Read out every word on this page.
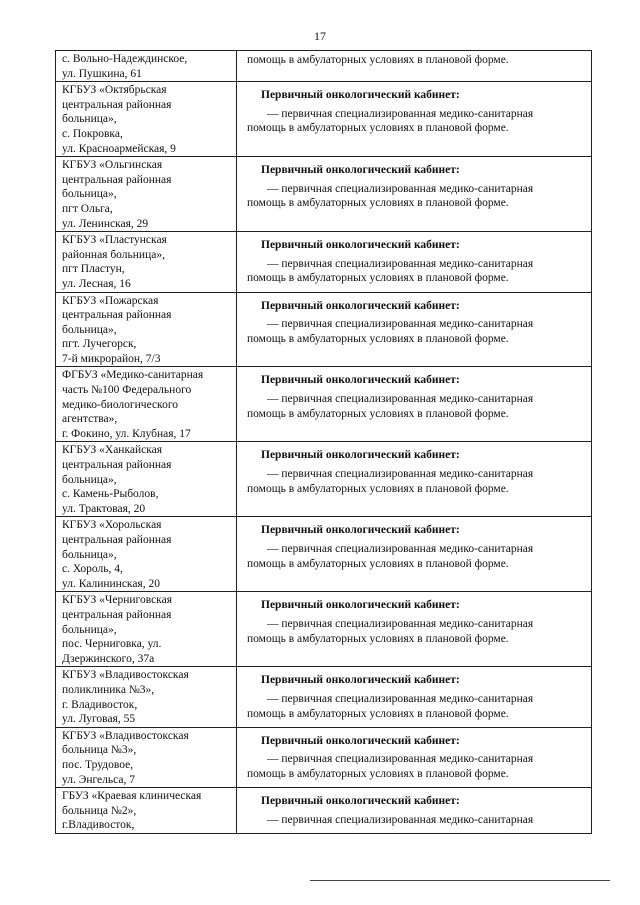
17
с. Вольно-Надеждинское,
ул. Пушкина, 61	помощь в амбулаторных условиях в плановой форме.

КГБУЗ «Октябрьская
центральная районная
больница»,
с. Покровка,
ул. Красноармейская, 9	Первичный онкологический кабинет:
— первичная специализированная медико-санитарная
помощь в амбулаторных условиях в плановой форме.

КГБУЗ «Ольгинская
центральная районная
больница»,
пгт Ольга,
ул. Ленинская, 29	Первичный онкологический кабинет:
— первичная специализированная медико-санитарная
помощь в амбулаторных условиях в плановой форме.

КГБУЗ «Пластунская
районная больница»,
пгт Пластун,
ул. Лесная, 16	Первичный онкологический кабинет:
— первичная специализированная медико-санитарная
помощь в амбулаторных условиях в плановой форме.

КГБУЗ «Пожарская
центральная районная
больница»,
пгт. Лучегорск,
7-й микрорайон, 7/3	Первичный онкологический кабинет:
— первичная специализированная медико-санитарная
помощь в амбулаторных условиях в плановой форме.

ФГБУЗ «Медико-санитарная
часть №100 Федерального
медико-биологического
агентства»,
г. Фокино, ул. Клубная, 17	Первичный онкологический кабинет:
— первичная специализированная медико-санитарная
помощь в амбулаторных условиях в плановой форме.

КГБУЗ «Ханкайская
центральная районная
больница»,
с. Камень-Рыболов,
ул. Трактовая, 20	Первичный онкологический кабинет:
— первичная специализированная медико-санитарная
помощь в амбулаторных условиях в плановой форме.

КГБУЗ «Хорольская
центральная районная
больница»,
с. Хороль, 4,
ул. Калининская, 20	Первичный онкологический кабинет:
— первичная специализированная медико-санитарная
помощь в амбулаторных условиях в плановой форме.

КГБУЗ «Черниговская
центральная районная
больница»,
пос. Черниговка, ул.
Дзержинского, 37а	Первичный онкологический кабинет:
— первичная специализированная медико-санитарная
помощь в амбулаторных условиях в плановой форме.

КГБУЗ «Владивостокская
поликлиника №3»,
г. Владивосток,
ул. Луговая, 55	Первичный онкологический кабинет:
— первичная специализированная медико-санитарная
помощь в амбулаторных условиях в плановой форме.

КГБУЗ «Владивостокская
больница №3»,
пос. Трудовое,
ул. Энгельса, 7	Первичный онкологический кабинет:
— первичная специализированная медико-санитарная
помощь в амбулаторных условиях в плановой форме.

ГБУЗ «Краевая клиническая
больница №2»,
г.Владивосток,	Первичный онкологический кабинет:
— первичная специализированная медико-санитарная
